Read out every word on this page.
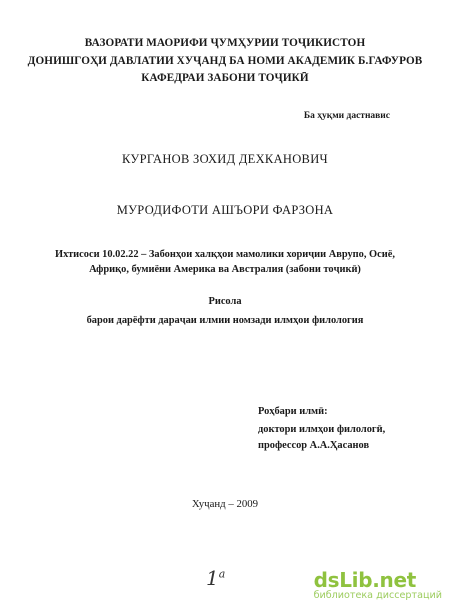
ВАЗОРАТИ МАОРИФИ ҶУМҲУРИИ ТОҶИКИСТОН
ДОНИШГОҲИ ДАВЛАТИИ ХУҶАНД БА НОМИ АКАДЕМИК Б.ГАФУРОВ
КАФЕДРАИ ЗАБОНИ ТОҶИКӢ
Ба ҳуқми дастнавис
КУРГАНОВ ЗОХИД ДЕХКАНОВИЧ
МУРОДИФОТИ АШЪОРИ ФАРЗОНА
Ихтисоси 10.02.22 – Забонҳои халқҳои мамолики хориҷии Аврупо, Осиё,
Африқо, бумиёни Америка ва Австралия (забони тоҷикӣ)
Рисола
барои дарёфти дараҷаи илмии номзади илмҳои филология
Роҳбари илмӣ:
доктори илмҳои филологӣ,
профессор А.А.Ҳасанов
Хуҷанд – 2009
$1^а$	dsLib.net
библиотека диссертаций
